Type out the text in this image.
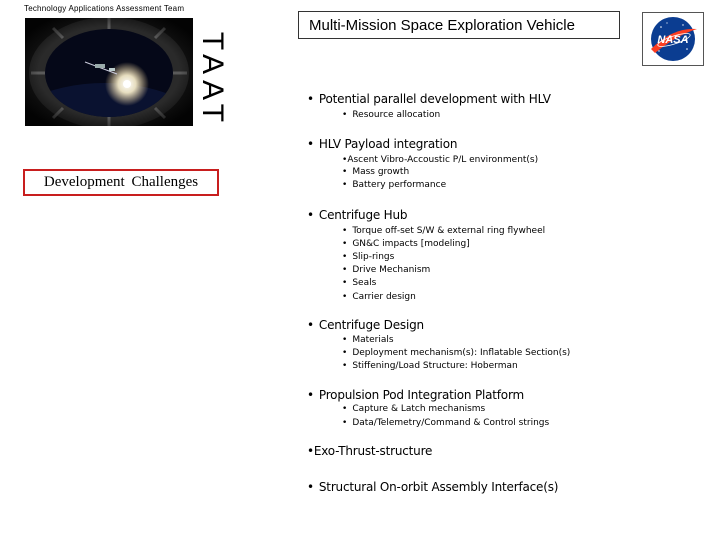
Technology Applications Assessment Team
TAAT
Development Challenges
Multi-Mission Space Exploration Vehicle
NASA
• Potential parallel development with HLV
• Resource allocation
• HLV Payload integration
•Ascent Vibro-Accoustic P/L environment(s)
• Mass growth
• Battery performance
• Centrifuge Hub
• Torque off-set S/W & external ring flywheel
• GN&C impacts [modeling]
• Slip-rings
• Drive Mechanism
• Seals
• Carrier design
• Centrifuge Design
• Materials
• Deployment mechanism(s): Inflatable Section(s)
• Stiffening/Load Structure: Hoberman
• Propulsion Pod Integration Platform
• Capture & Latch mechanisms
• Data/Telemetry/Command & Control strings
•Exo-Thrust-structure
• Structural On-orbit Assembly Interface(s)
